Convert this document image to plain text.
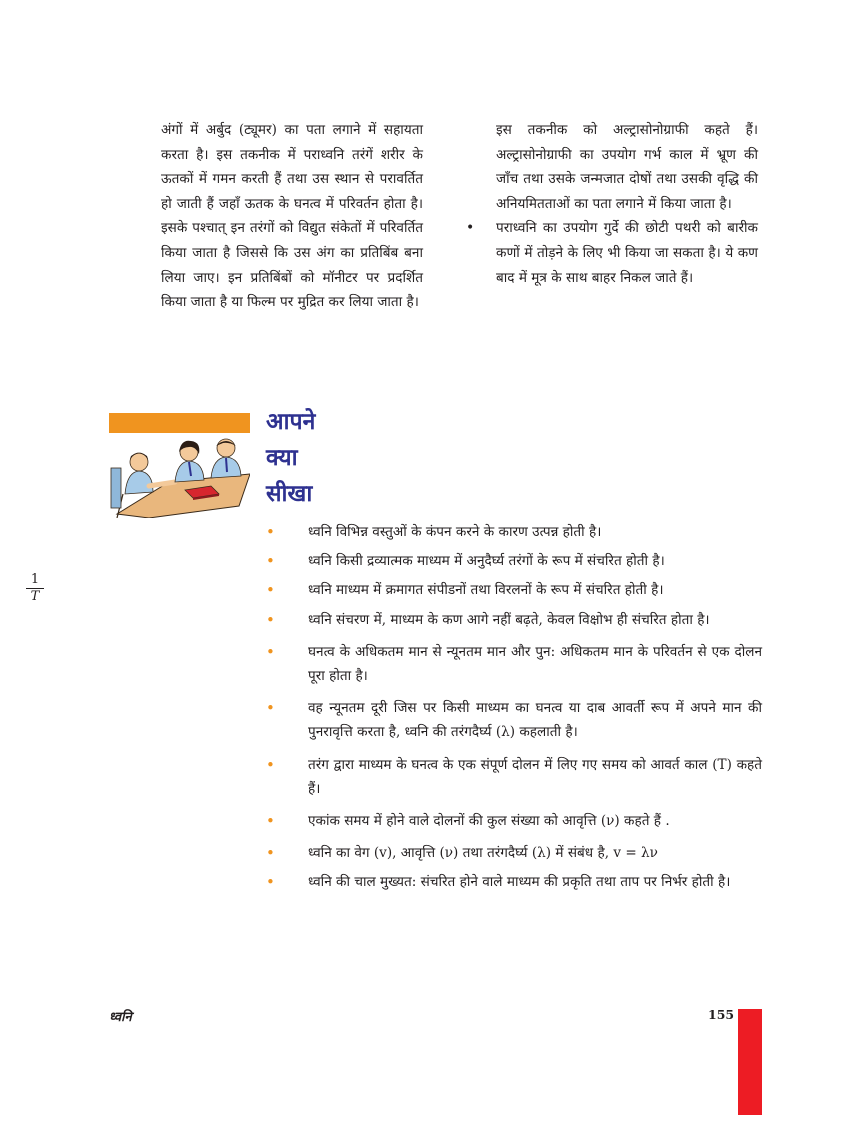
अंगों में अर्बुद (ट्यूमर) का पता लगाने में सहायता करता है। इस तकनीक में पराध्वनि तरंगें शरीर के ऊतकों में गमन करती हैं तथा उस स्थान से परावर्तित हो जाती हैं जहाँ ऊतक के घनत्व में परिवर्तन होता है। इसके पश्चात् इन तरंगों को विद्युत संकेतों में परिवर्तित किया जाता है जिससे कि उस अंग का प्रतिबिंब बना लिया जाए। इन प्रतिबिंबों को मॉनीटर पर प्रदर्शित किया जाता है या फिल्म पर मुद्रित कर लिया जाता है।

इस तकनीक को अल्ट्रासोनोग्राफी कहते हैं। अल्ट्रासोनोग्राफी का उपयोग गर्भ काल में भ्रूण की जाँच तथा उसके जन्मजात दोषों तथा उसकी वृद्धि की अनियमितताओं का पता लगाने में किया जाता है।

• पराध्वनि का उपयोग गुर्दे की छोटी पथरी को बारीक कणों में तोड़ने के लिए भी किया जा सकता है। ये कण बाद में मूत्र के साथ बाहर निकल जाते हैं।
आपने
क्या
सीखा
• ध्वनि विभिन्न वस्तुओं के कंपन करने के कारण उत्पन्न होती है।
• ध्वनि किसी द्रव्यात्मक माध्यम में अनुदैर्घ्य तरंगों के रूप में संचरित होती है।
• ध्वनि माध्यम में क्रमागत संपीडनों तथा विरलनों के रूप में संचरित होती है।
• ध्वनि संचरण में, माध्यम के कण आगे नहीं बढ़ते, केवल विक्षोभ ही संचरित होता है।
• घनत्व के अधिकतम मान से न्यूनतम मान और पुन: अधिकतम मान के परिवर्तन से एक दोलन पूरा होता है।
• वह न्यूनतम दूरी जिस पर किसी माध्यम का घनत्व या दाब आवर्ती रूप में अपने मान की पुनरावृत्ति करता है, ध्वनि की तरंगदैर्घ्य (λ) कहलाती है।
• तरंग द्वारा माध्यम के घनत्व के एक संपूर्ण दोलन में लिए गए समय को आवर्त काल (T) कहते हैं।
• एकांक समय में होने वाले दोलनों की कुल संख्या को आवृत्ति (ν) कहते हैं .
• ध्वनि का वेग (v), आवृत्ति (ν) तथा तरंगदैर्घ्य (λ) में संबंध है, v = λν
• ध्वनि की चाल मुख्यत: संचरित होने वाले माध्यम की प्रकृति तथा ताप पर निर्भर होती है।
$\frac{1}{T}$
ध्वनि	155
